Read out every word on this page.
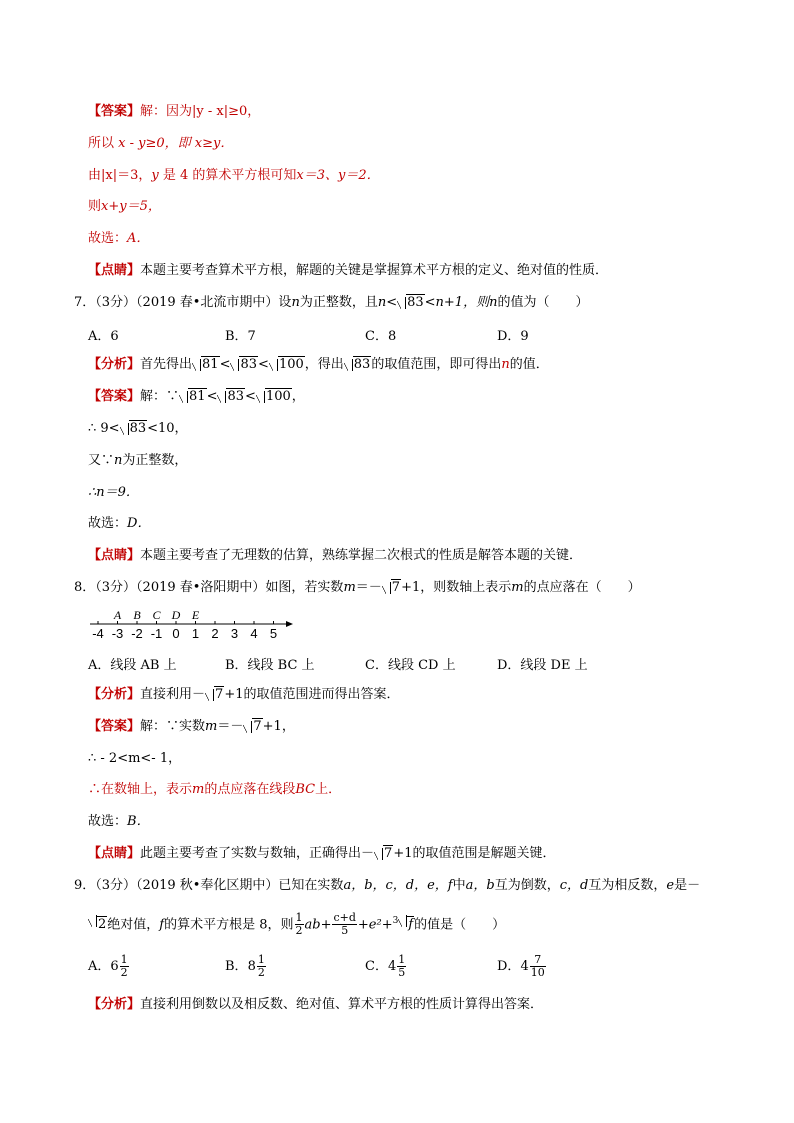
【答案】解：因为|y - x|≥0，
所以 x - y≥0，即 x≥y．
由|x|＝3，y 是 4 的算术平方根可知x＝3、y＝2．
则x+y＝5，
故选：A．
【点睛】本题主要考查算术平方根，解题的关键是掌握算术平方根的定义、绝对值的性质．
7．（3分）（2019 春•北流市期中）设n为正整数，且n< 83<n+1，则n的值为（　　）
A．6	B．7	C．8	D．9
【分析】首先得出 81< 83< 100，得出 83的取值范围，即可得出n的值．
【答案】解：∵ 81< 83< 100，
∴ 9< 83<10，
又∵n为正整数，
∴n＝9．
故选：D．
【点睛】本题主要考查了无理数的估算，熟练掌握二次根式的性质是解答本题的关键．
8．（3分）（2019 春•洛阳期中）如图，若实数m＝－ 7+1，则数轴上表示m的点应落在（　　）
-4 -3 -2 -1 0 1 2 3 4 5
A B C D E
A．线段 AB 上	B．线段 BC 上	C．线段 CD 上	D．线段 DE 上
【分析】直接利用－ 7+1的取值范围进而得出答案．
【答案】解：∵实数m＝－ 7+1，
∴ - 2<m<- 1，
∴在数轴上，表示m的点应落在线段BC上．
故选：B．
【点睛】此题主要考查了实数与数轴，正确得出－ 7+1的取值范围是解题关键．
9．（3分）（2019 秋•奉化区期中）已知在实数a，b，c，d，e，f中a，b互为倒数，c，d互为相反数，e是－
2绝对值，f的算术平方根是 8，则 $\frac{1}{2} ab+ \frac{c+d}{5} +e^2+^3$ f的值是（　　）
A．$6 \frac{1}{2}$	B．$8 \frac{1}{2}$	C．$4 \frac{1}{5}$	D．$4 \frac{7}{10}$
【分析】直接利用倒数以及相反数、绝对值、算术平方根的性质计算得出答案．
